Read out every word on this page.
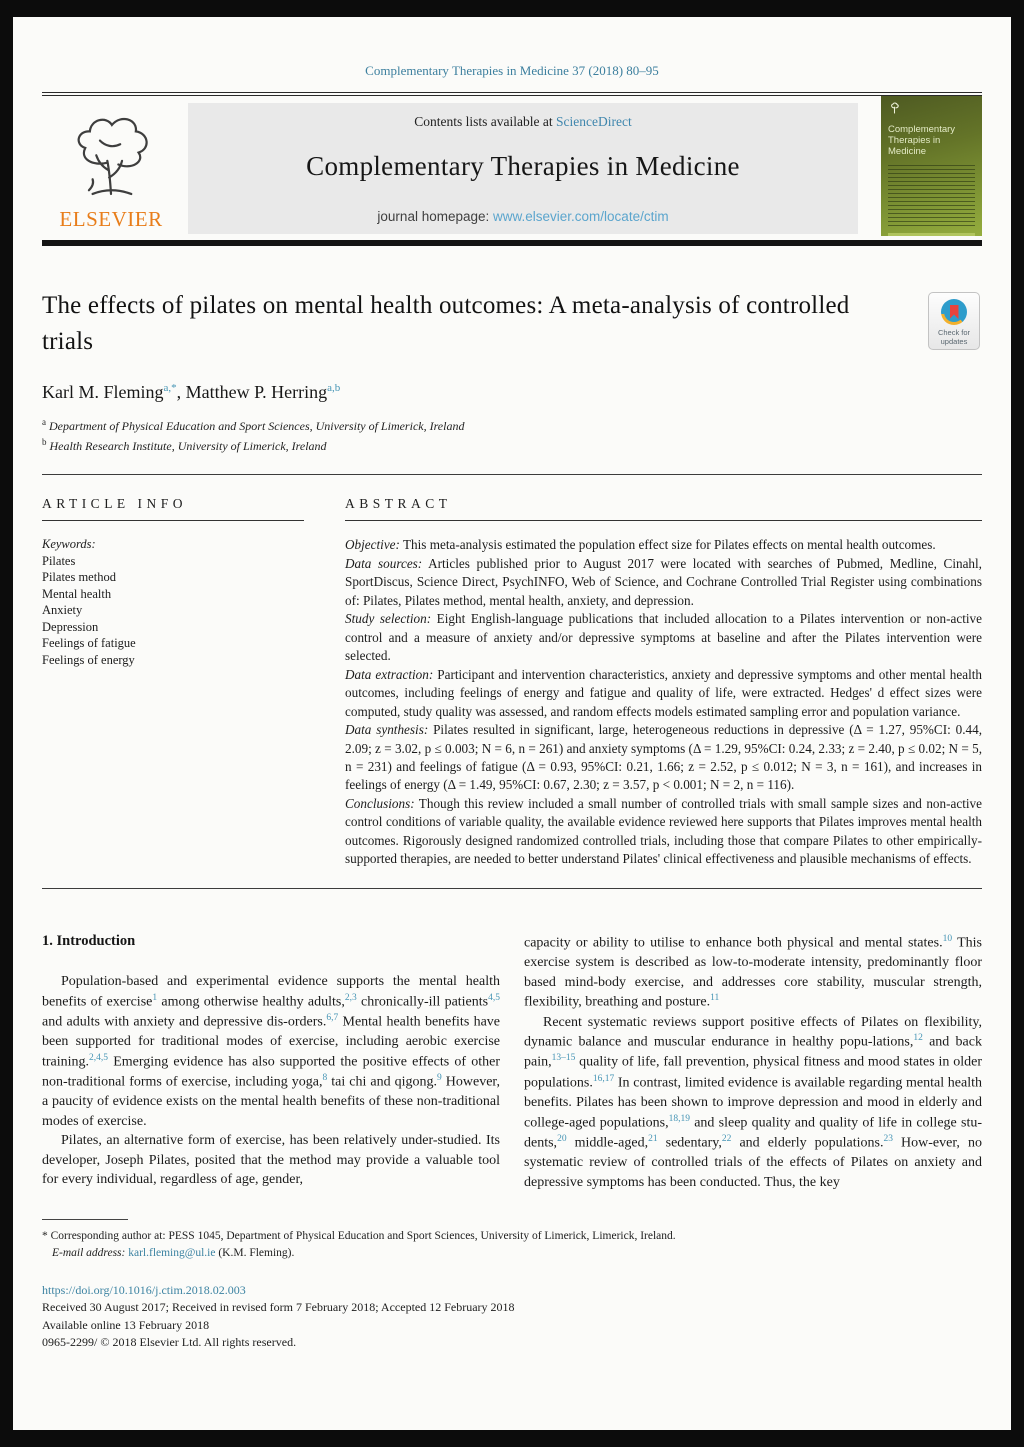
Complementary Therapies in Medicine 37 (2018) 80–95
ELSEVIER
Contents lists available at ScienceDirect
Complementary Therapies in Medicine
journal homepage: www.elsevier.com/locate/ctim
Complementary Therapies in Medicine
The effects of pilates on mental health outcomes: A meta-analysis of controlled trials	Check for updates
Karl M. Fleming$^{a,*}$, Matthew P. Herring$^{a,b}$
$^a$ Department of Physical Education and Sport Sciences, University of Limerick, Ireland
$^b$ Health Research Institute, University of Limerick, Ireland
ARTICLE INFO
Keywords:
Pilates
Pilates method
Mental health
Anxiety
Depression
Feelings of fatigue
Feelings of energy
ABSTRACT

Objective: This meta-analysis estimated the population effect size for Pilates effects on mental health outcomes.

Data sources: Articles published prior to August 2017 were located with searches of Pubmed, Medline, Cinahl, SportDiscus, Science Direct, PsychINFO, Web of Science, and Cochrane Controlled Trial Register using combinations of: Pilates, Pilates method, mental health, anxiety, and depression.

Study selection: Eight English-language publications that included allocation to a Pilates intervention or non-active control and a measure of anxiety and/or depressive symptoms at baseline and after the Pilates intervention were selected.

Data extraction: Participant and intervention characteristics, anxiety and depressive symptoms and other mental health outcomes, including feelings of energy and fatigue and quality of life, were extracted. Hedges' d effect sizes were computed, study quality was assessed, and random effects models estimated sampling error and population variance.

Data synthesis: Pilates resulted in significant, large, heterogeneous reductions in depressive (Δ = 1.27, 95%CI: 0.44, 2.09; z = 3.02, p ≤ 0.003; N = 6, n = 261) and anxiety symptoms (Δ = 1.29, 95%CI: 0.24, 2.33; z = 2.40, p ≤ 0.02; N = 5, n = 231) and feelings of fatigue (Δ = 0.93, 95%CI: 0.21, 1.66; z = 2.52, p ≤ 0.012; N = 3, n = 161), and increases in feelings of energy (Δ = 1.49, 95%CI: 0.67, 2.30; z = 3.57, p < 0.001; N = 2, n = 116).

Conclusions: Though this review included a small number of controlled trials with small sample sizes and non-active control conditions of variable quality, the available evidence reviewed here supports that Pilates improves mental health outcomes. Rigorously designed randomized controlled trials, including those that compare Pilates to other empirically-supported therapies, are needed to better understand Pilates' clinical effectiveness and plausible mechanisms of effects.

1. Introduction

Population-based and experimental evidence supports the mental health benefits of exercise$^1$ among otherwise healthy adults,$^{2,3}$ chronically-ill patients$^{4,5}$ and adults with anxiety and depressive dis-orders.$^{6,7}$ Mental health benefits have been supported for traditional modes of exercise, including aerobic exercise training.$^{2,4,5}$ Emerging evidence has also supported the positive effects of other non-traditional forms of exercise, including yoga,$^8$ tai chi and qigong.$^9$ However, a paucity of evidence exists on the mental health benefits of these non-traditional modes of exercise.

Pilates, an alternative form of exercise, has been relatively under-studied. Its developer, Joseph Pilates, posited that the method may provide a valuable tool for every individual, regardless of age, gender,

capacity or ability to utilise to enhance both physical and mental states.$^{10}$ This exercise system is described as low-to-moderate intensity, predominantly floor based mind-body exercise, and addresses core stability, muscular strength, flexibility, breathing and posture.$^{11}$

Recent systematic reviews support positive effects of Pilates on flexibility, dynamic balance and muscular endurance in healthy popu-lations,$^{12}$ and back pain,$^{13-15}$ quality of life, fall prevention, physical fitness and mood states in older populations.$^{16,17}$ In contrast, limited evidence is available regarding mental health benefits. Pilates has been shown to improve depression and mood in elderly and college-aged populations,$^{18,19}$ and sleep quality and quality of life in college stu-dents,$^{20}$ middle-aged,$^{21}$ sedentary,$^{22}$ and elderly populations.$^{23}$ How-ever, no systematic review of controlled trials of the effects of Pilates on anxiety and depressive symptoms has been conducted. Thus, the key

* Corresponding author at: PESS 1045, Department of Physical Education and Sport Sciences, University of Limerick, Limerick, Ireland.
E-mail address: karl.fleming@ul.ie (K.M. Fleming).
https://doi.org/10.1016/j.ctim.2018.02.003
Received 30 August 2017; Received in revised form 7 February 2018; Accepted 12 February 2018
Available online 13 February 2018
0965-2299/ © 2018 Elsevier Ltd. All rights reserved.
